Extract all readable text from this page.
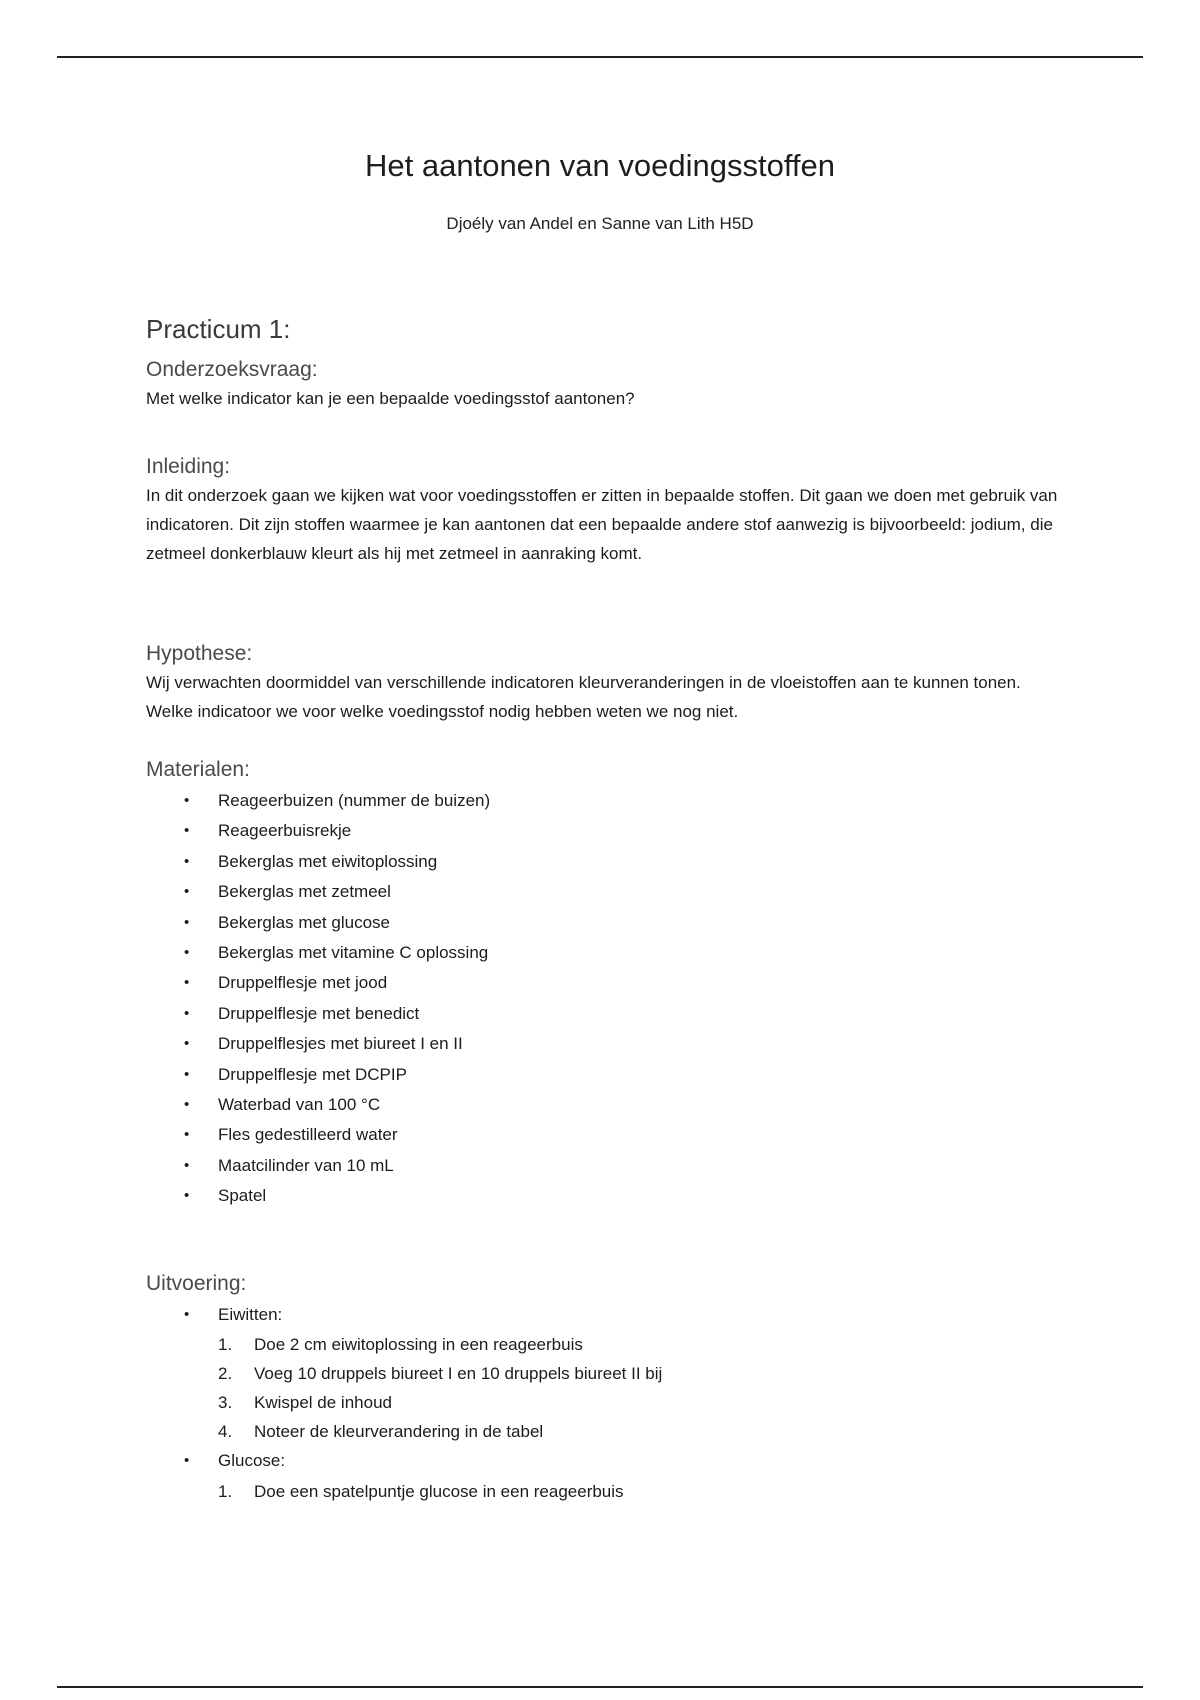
Het aantonen van voedingsstoffen
Djoély van Andel en Sanne van Lith H5D
Practicum 1:
Onderzoeksvraag:

Met welke indicator kan je een bepaalde voedingsstof aantonen?

Inleiding:

In dit onderzoek gaan we kijken wat voor voedingsstoffen er zitten in bepaalde stoffen. Dit gaan we doen met gebruik van indicatoren. Dit zijn stoffen waarmee je kan aantonen dat een bepaalde andere stof aanwezig is bijvoorbeeld: jodium, die zetmeel donkerblauw kleurt als hij met zetmeel in aanraking komt.

Hypothese:

Wij verwachten doormiddel van verschillende indicatoren kleurveranderingen in de vloeistoffen aan te kunnen tonen. Welke indicatoor we voor welke voedingsstof nodig hebben weten we nog niet.

Materialen:
• Reageerbuizen (nummer de buizen)
• Reageerbuisrekje
• Bekerglas met eiwitoplossing
• Bekerglas met zetmeel
• Bekerglas met glucose
• Bekerglas met vitamine C oplossing
• Druppelflesje met jood
• Druppelflesje met benedict
• Druppelflesjes met biureet I en II
• Druppelflesje met DCPIP
• Waterbad van 100 °C
• Fles gedestilleerd water
• Maatcilinder van 10 mL
• Spatel
Uitvoering:
• Eiwitten:
1. Doe 2 cm eiwitoplossing in een reageerbuis
2. Voeg 10 druppels biureet I en 10 druppels biureet II bij
3. Kwispel de inhoud
4. Noteer de kleurverandering in de tabel
• Glucose:
1. Doe een spatelpuntje glucose in een reageerbuis
